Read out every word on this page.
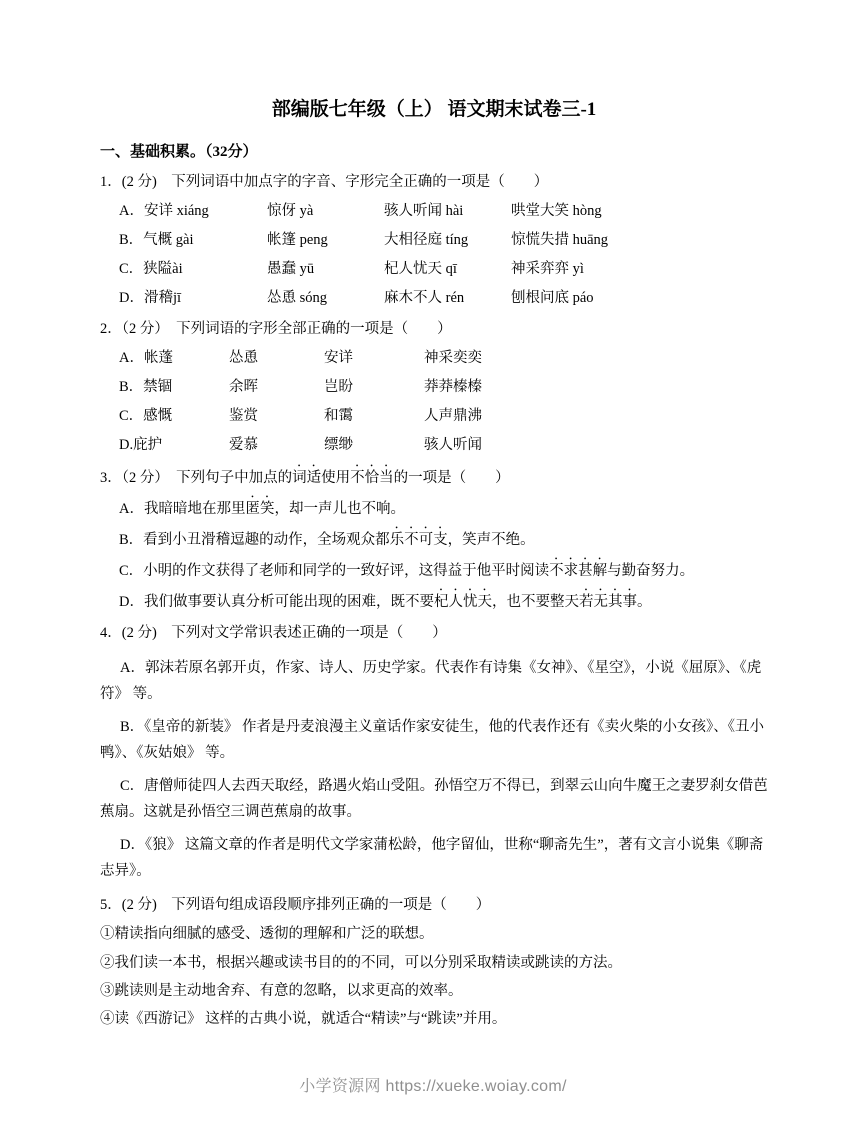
部编版七年级（上） 语文期末试卷三-1
一、基础积累。（32分）

1．(2 分)　下列词语中加点字的字音、字形完全正确的一项是（　　）

A．安详 xiáng	惊伢 yà	骇人听闻 hài	哄堂大笑 hòng
B．气概 gài	帐篷 peng	大相径庭 tíng	惊慌失措 huāng
C．狭隘ài	愚蠢 yū	杞人忧天 qī	神采弈弈 yì
D．滑稽jī	怂恿 sóng	麻木不人 rén	刨根问底 páo

2．（2 分）　下列词语的字形全部正确的一项是（　　）

A．帐蓬	怂恿	安详	神采奕奕
B．禁锢	余晖	岂盼	莽莽榛榛
C．感慨	鉴赏	和霭	人声鼎沸
D.庇护	爱慕	缥缈	骇人听闻

3．（2 分）　下列句子中加点的词适使用不恰当的一项是（　　）

A．我暗暗地在那里匿笑，却一声儿也不响。

B．看到小丑滑稽逗趣的动作，全场观众都乐不可支，笑声不绝。

C．小明的作文获得了老师和同学的一致好评，这得益于他平时阅读不求甚解与勤奋努力。

D．我们做事要认真分析可能出现的困难，既不要杞人忧天，也不要整天若无其事。

4．(2 分)　下列对文学常识表述正确的一项是（　　）

A．郭沫若原名郭开贞，作家、诗人、历史学家。代表作有诗集《女神》、《星空》，小说《屈原》、《虎符》 等。

B．《皇帝的新装》 作者是丹麦浪漫主义童话作家安徒生，他的代表作还有《卖火柴的小女孩》、《丑小鸭》、《灰姑娘》 等。

C．唐僧师徒四人去西天取经，路遇火焰山受阻。孙悟空万不得已，到翠云山向牛魔王之妻罗刹女借芭蕉扇。这就是孙悟空三调芭蕉扇的故事。

D．《狼》 这篇文章的作者是明代文学家蒲松龄，他字留仙，世称“聊斋先生”，著有文言小说集《聊斋志异》。

5．(2 分)　下列语句组成语段顺序排列正确的一项是（　　）

①精读指向细腻的感受、透彻的理解和广泛的联想。

②我们读一本书，根据兴趣或读书目的的不同，可以分别采取精读或跳读的方法。

③跳读则是主动地舍弃、有意的忽略，以求更高的效率。

④读《西游记》 这样的古典小说，就适合“精读”与“跳读”并用。

小学资源网 https://xueke.woiay.com/
